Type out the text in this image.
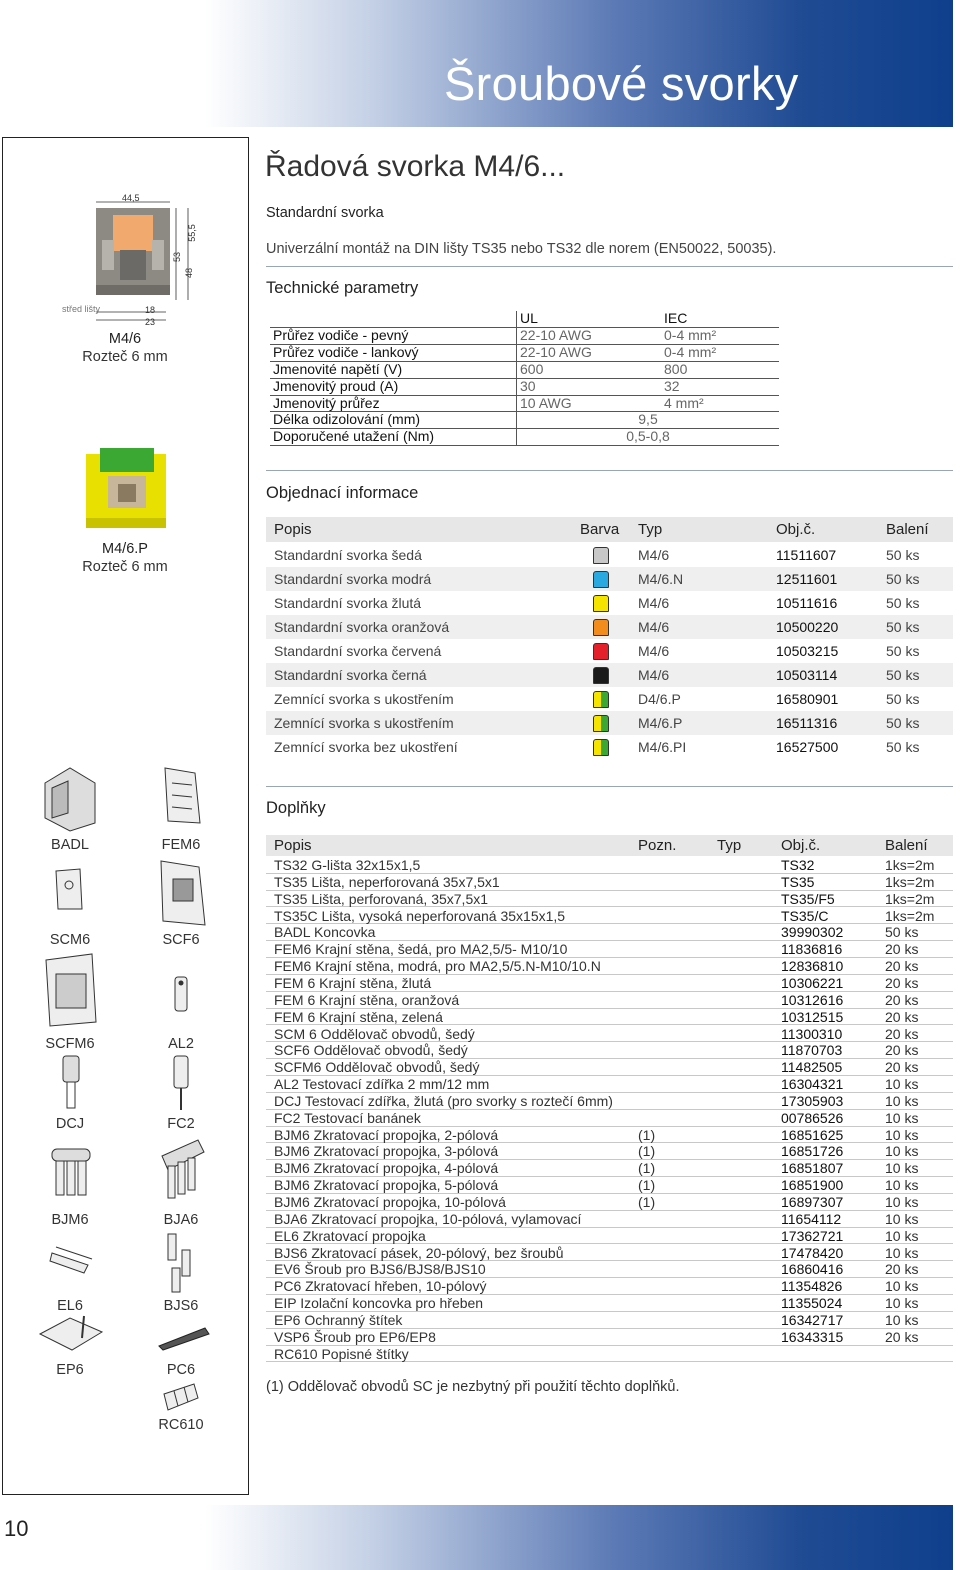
Šroubové svorky
44,5
55,5
53
48
18
23
střed lišty
M4/6
Rozteč 6 mm
M4/6.P
Rozteč 6 mm
BADL	FEM6
SCM6	SCF6
SCFM6	AL2
DCJ	FC2
BJM6	BJA6
EL6	BJS6
EP6	PC6
RC610
Řadová svorka M4/6...
Standardní svorka
Univerzální montáž na DIN lišty TS35 nebo TS32 dle norem (EN50022, 50035).
Technické parametry
	UL	IEC
Průřez vodiče - pevný	22-10 AWG	0-4 mm²
Průřez vodiče - lankový	22-10 AWG	0-4 mm²
Jmenovité napětí (V)	600	800
Jmenovitý proud (A)	30	32
Jmenovitý průřez	10 AWG	4 mm²
Délka odizolování (mm)	9,5	
Doporučené utažení (Nm)	0,5-0,8	
Objednací informace
Popis	Barva Typ	Obj.č.	Balení
Standardní svorka šedá	M4/6	11511607	50 ks
Standardní svorka modrá	M4/6.N	12511601	50 ks
Standardní svorka žlutá	M4/6	10511616	50 ks
Standardní svorka oranžová	M4/6	10500220	50 ks
Standardní svorka červená	M4/6	10503215	50 ks
Standardní svorka černá	M4/6	10503114	50 ks
Zemnící svorka s ukostřením	D4/6.P	16580901	50 ks
Zemnící svorka s ukostřením	M4/6.P	16511316	50 ks
Zemnící svorka bez ukostření	M4/6.PI	16527500	50 ks
Doplňky
Popis	Pozn.	Typ	Obj.č.	Balení
TS32 G-lišta 32x15x1,5	TS32	1ks=2m
TS35 Lišta, neperforovaná 35x7,5x1	TS35	1ks=2m
TS35 Lišta, perforovaná, 35x7,5x1	TS35/F5	1ks=2m
TS35C Lišta, vysoká neperforovaná 35x15x1,5	TS35/C	1ks=2m
BADL Koncovka	39990302	50 ks
FEM6 Krajní stěna, šedá, pro MA2,5/5- M10/10	11836816	20 ks
FEM6 Krajní stěna, modrá, pro MA2,5/5.N-M10/10.N	12836810	20 ks
FEM 6 Krajní stěna, žlutá	10306221	20 ks
FEM 6 Krajní stěna, oranžová	10312616	20 ks
FEM 6 Krajní stěna, zelená	10312515	20 ks
SCM 6 Oddělovač obvodů, šedý	11300310	20 ks
SCF6 Oddělovač obvodů, šedý	11870703	20 ks
SCFM6 Oddělovač obvodů, šedý	11482505	20 ks
AL2 Testovací zdířka 2 mm/12 mm	16304321	10 ks
DCJ Testovací zdířka, žlutá (pro svorky s roztečí 6mm)	17305903	10 ks
FC2 Testovací banánek	00786526	10 ks
BJM6 Zkratovací propojka, 2-pólová	(1)	16851625	10 ks
BJM6 Zkratovací propojka, 3-pólová	(1)	16851726	10 ks
BJM6 Zkratovací propojka, 4-pólová	(1)	16851807	10 ks
BJM6 Zkratovací propojka, 5-pólová	(1)	16851900	10 ks
BJM6 Zkratovací propojka, 10-pólová	(1)	16897307	10 ks
BJA6 Zkratovací propojka, 10-pólová, vylamovací	11654112	10 ks
EL6 Zkratovací propojka	17362721	10 ks
BJS6 Zkratovací pásek, 20-pólový, bez šroubů	17478420	10 ks
EV6 Šroub pro BJS6/BJS8/BJS10	16860416	20 ks
PC6 Zkratovací hřeben, 10-pólový	11354826	10 ks
EIP Izolační koncovka pro hřeben	11355024	10 ks
EP6 Ochranný štítek	16342717	10 ks
VSP6 Šroub pro EP6/EP8	16343315	20 ks
RC610 Popisné štítky
(1) Oddělovač obvodů SC je nezbytný při použití těchto doplňků.
10
